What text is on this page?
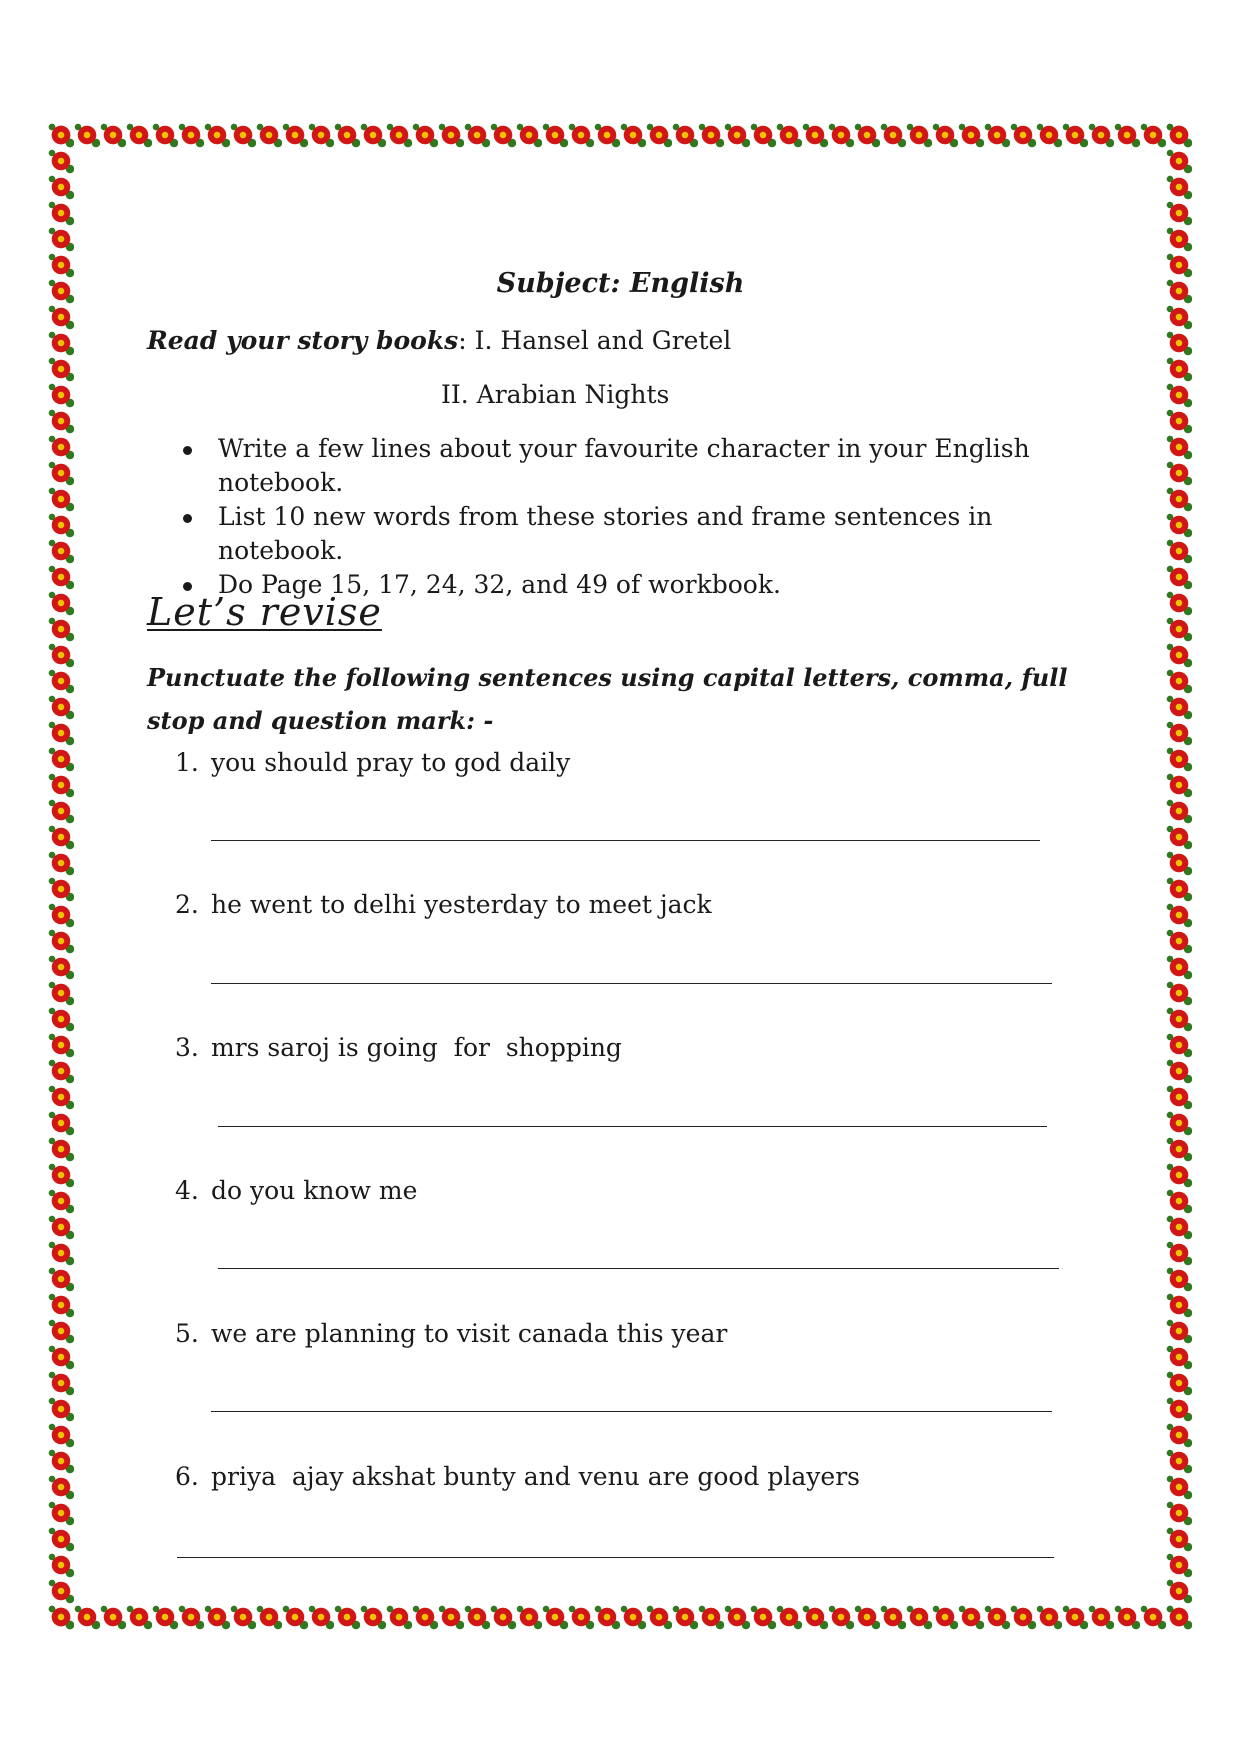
Subject: English
Read your story books: I. Hansel and Gretel
II. Arabian Nights
Write a few lines about your favourite character in your English notebook.
List 10 new words from these stories and frame sentences in notebook.
Do Page 15, 17, 24, 32, and 49 of workbook.
Let’s revise
Punctuate the following sentences using capital letters, comma, full stop and question mark: -
1. you should pray to god daily
2. he went to delhi yesterday to meet jack
3. mrs saroj is going  for  shopping
4. do you know me
5. we are planning to visit canada this year
6. priya  ajay akshat bunty and venu are good players
